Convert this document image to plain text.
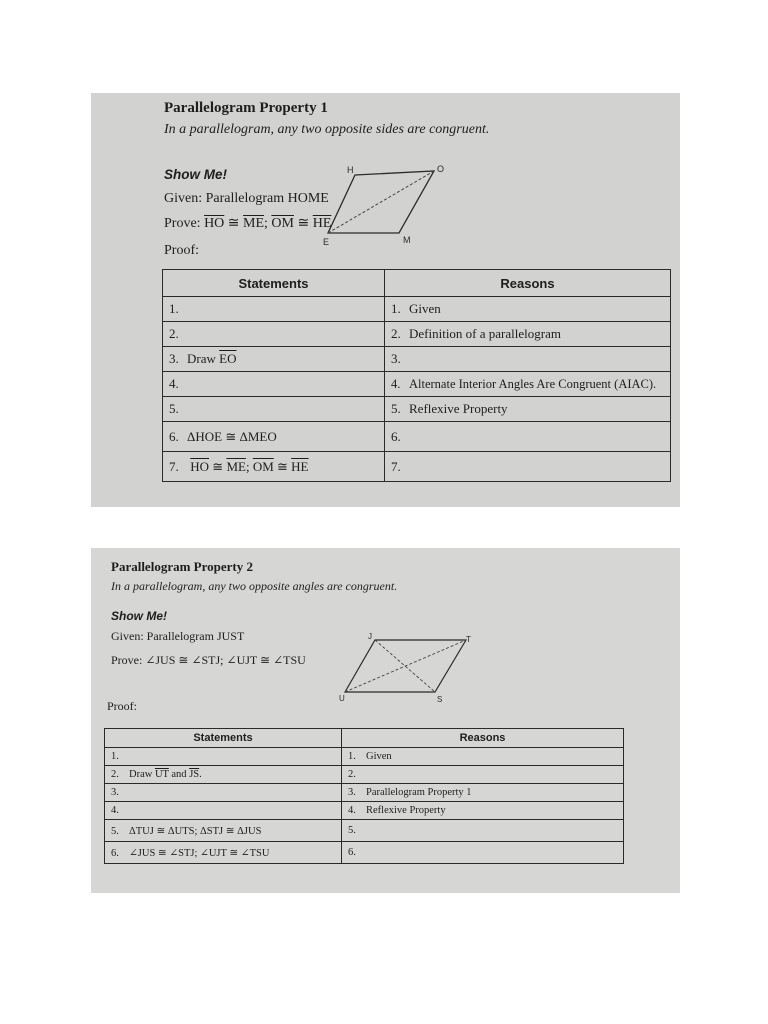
Parallelogram Property 1
In a parallelogram, any two opposite sides are congruent.
Show Me!
Given: Parallelogram HOME
Prove: $\overline{HO}$ ≅ $\overline{ME}$; $\overline{OM}$ ≅ $\overline{HE}$
Proof:
H	O
E	M
Statements	Reasons
1.	1. Given
2.	2. Definition of a parallelogram
3. Draw $\overline{EO}$	3.
4.	4. Alternate Interior Angles Are Congruent (AIAC).
5.	5. Reflexive Property
6. ΔHOE ≅ ΔMEO	6.
7. $\overline{HO}$ ≅ $\overline{ME}$; $\overline{OM}$ ≅ $\overline{HE}$	7.
Parallelogram Property 2
In a parallelogram, any two opposite angles are congruent.
Show Me!
Given: Parallelogram JUST
Prove: ∠JUS ≅ ∠STJ; ∠UJT ≅ ∠TSU
Proof:
J	T
U	S
Statements	Reasons
1.	1. Given
2. Draw $\overline{UT}$ and $\overline{JS}$.	2.
3.	3. Parallelogram Property 1
4.	4. Reflexive Property
5. ΔTUJ ≅ ΔUTS; ΔSTJ ≅ ΔJUS	5.
6. ∠JUS ≅ ∠STJ; ∠UJT ≅ ∠TSU	6.
